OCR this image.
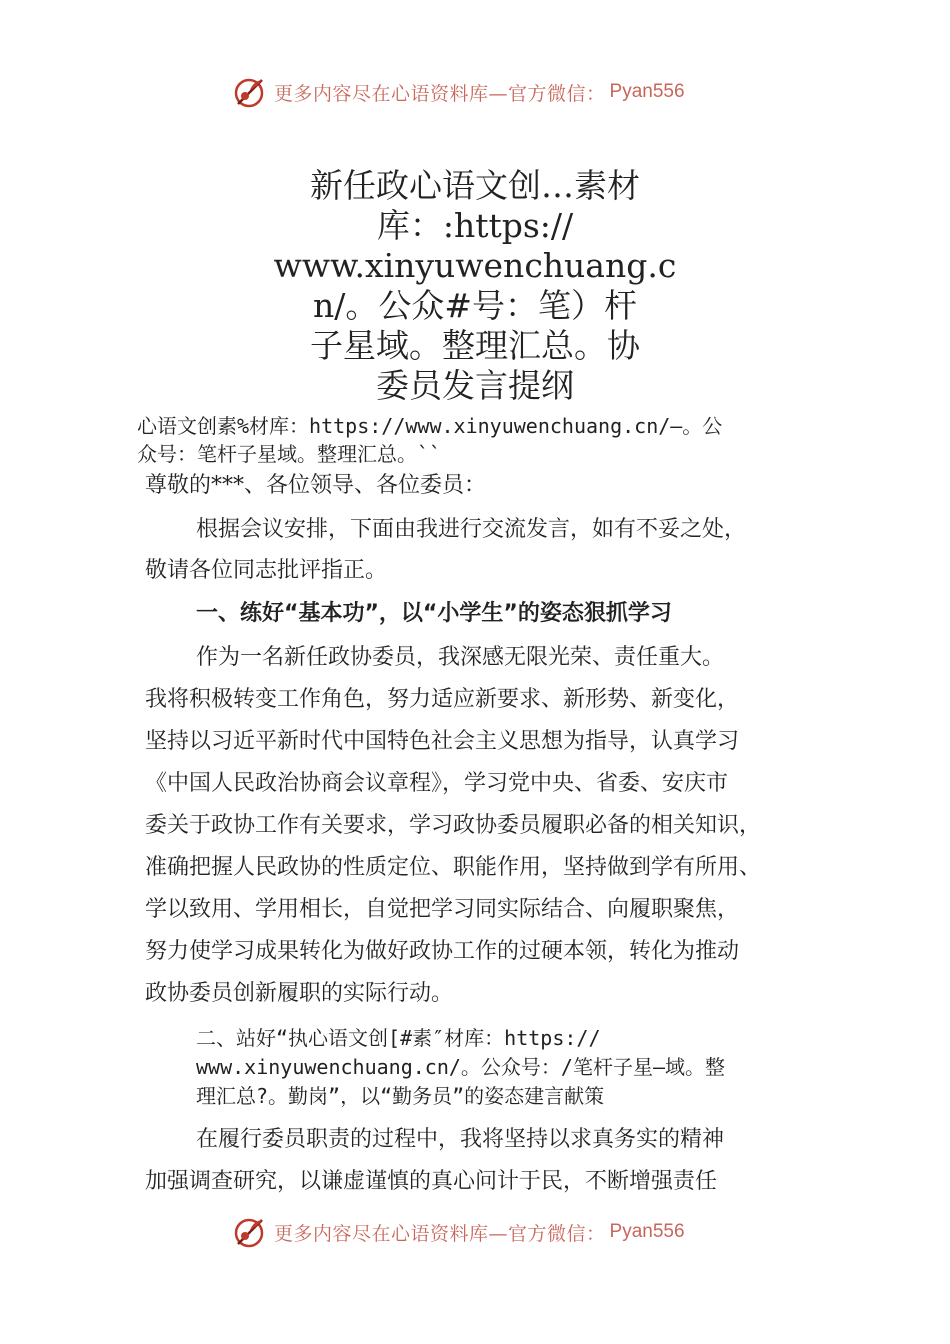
更多内容尽在心语资料库—官方微信： Pyan556
新任政心语文创…素材
库：:https://
www.xinyuwenchuang.c
n/。公众#号：笔）杆
子星域。整理汇总。协
委员发言提纲
心语文创素%材库：https://www.xinyuwenchuang.cn/—。公
众号：笔杆子星域。整理汇总。``
尊敬的***、各位领导、各位委员：
根据会议安排，下面由我进行交流发言，如有不妥之处，
敬请各位同志批评指正。
一、练好“基本功”，以“小学生”的姿态狠抓学习
作为一名新任政协委员，我深感无限光荣、责任重大。
我将积极转变工作角色，努力适应新要求、新形势、新变化，
坚持以习近平新时代中国特色社会主义思想为指导，认真学习
《中国人民政治协商会议章程》，学习党中央、省委、安庆市
委关于政协工作有关要求，学习政协委员履职必备的相关知识，
准确把握人民政协的性质定位、职能作用，坚持做到学有所用、
学以致用、学用相长，自觉把学习同实际结合、向履职聚焦，
努力使学习成果转化为做好政协工作的过硬本领，转化为推动
政协委员创新履职的实际行动。
二、站好“执心语文创[#素″材库：https://
www.xinyuwenchuang.cn/。公众号：/笔杆子星—域。整
理汇总?。勤岗”，以“勤务员”的姿态建言献策
在履行委员职责的过程中，我将坚持以求真务实的精神
加强调查研究，以谦虚谨慎的真心问计于民，不断增强责任
更多内容尽在心语资料库—官方微信： Pyan556
